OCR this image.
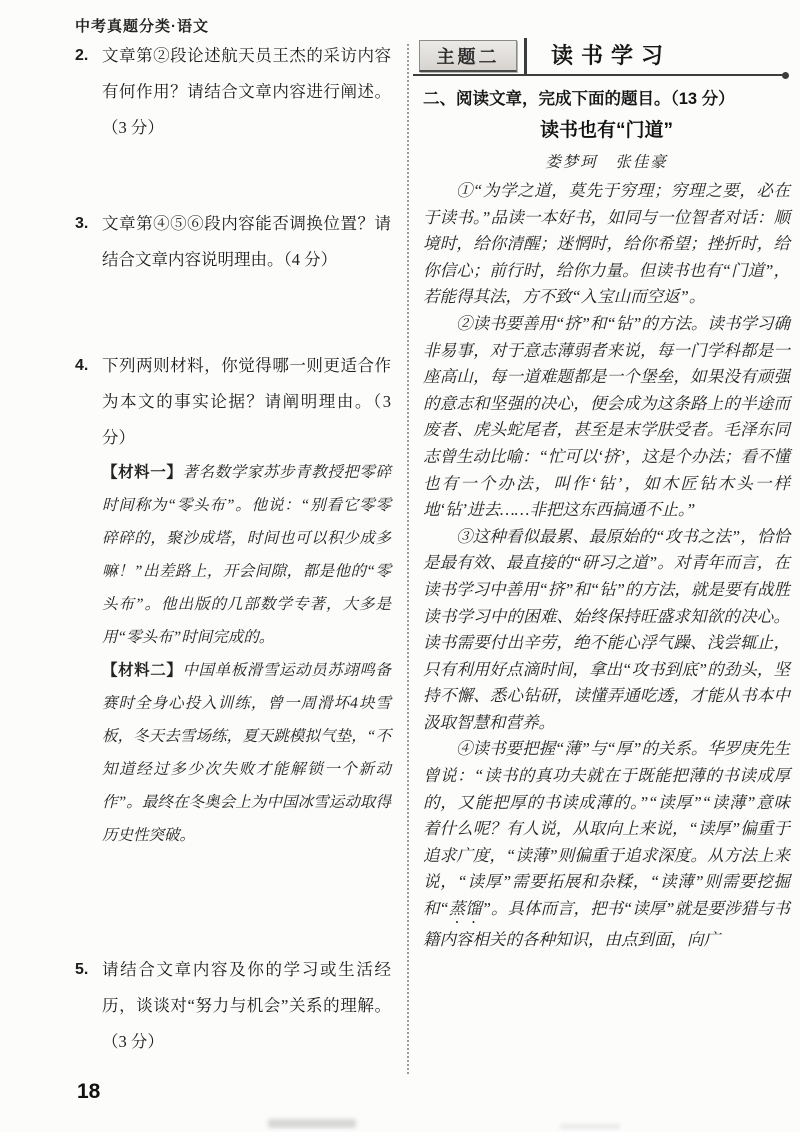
中考真题分类·语文
2. 文章第②段论述航天员王杰的采访内容有何作用？请结合文章内容进行阐述。（3 分）
3. 文章第④⑤⑥段内容能否调换位置？请结合文章内容说明理由。（4 分）
4. 下列两则材料，你觉得哪一则更适合作为本文的事实论据？请阐明理由。（3 分）

【材料一】著名数学家苏步青教授把零碎时间称为“零头布”。他说：“别看它零零碎碎的，聚沙成塔，时间也可以积少成多嘛！”出差路上，开会间隙，都是他的“零头布”。他出版的几部数学专著，大多是用“零头布”时间完成的。

【材料二】中国单板滑雪运动员苏翊鸣备赛时全身心投入训练，曾一周滑坏4块雪板，冬天去雪场练，夏天跳模拟气垫，“不知道经过多少次失败才能解锁一个新动作”。最终在冬奥会上为中国冰雪运动取得历史性突破。

5. 请结合文章内容及你的学习或生活经历，谈谈对“努力与机会”关系的理解。（3 分）
主题二	读书学习
二、阅读文章，完成下面的题目。（13 分）
读书也有“门道”
娄梦珂　张佳豪

①“为学之道，莫先于穷理；穷理之要，必在于读书。”品读一本好书，如同与一位智者对话：顺境时，给你清醒；迷惘时，给你希望；挫折时，给你信心；前行时，给你力量。但读书也有“门道”，若能得其法，方不致“入宝山而空返”。

②读书要善用“挤”和“钻”的方法。读书学习确非易事，对于意志薄弱者来说，每一门学科都是一座高山，每一道难题都是一个堡垒，如果没有顽强的意志和坚强的决心，便会成为这条路上的半途而废者、虎头蛇尾者，甚至是末学肤受者。毛泽东同志曾生动比喻：“忙可以‘挤’，这是个办法；看不懂也有一个办法，叫作‘钻’，如木匠钻木头一样地‘钻’进去……非把这东西搞通不止。”

③这种看似最累、最原始的“攻书之法”，恰恰是最有效、最直接的“研习之道”。对青年而言，在读书学习中善用“挤”和“钻”的方法，就是要有战胜读书学习中的困难、始终保持旺盛求知欲的决心。读书需要付出辛劳，绝不能心浮气躁、浅尝辄止，只有利用好点滴时间，拿出“攻书到底”的劲头，坚持不懈、悉心钻研，读懂弄通吃透，才能从书本中汲取智慧和营养。

④读书要把握“薄”与“厚”的关系。华罗庚先生曾说：“读书的真功夫就在于既能把薄的书读成厚的，又能把厚的书读成薄的。”“读厚”“读薄”意味着什么呢？有人说，从取向上来说，“读厚”偏重于追求广度，“读薄”则偏重于追求深度。从方法上来说，“读厚”需要拓展和杂糅，“读薄”则需要挖掘和“蒸馏”。具体而言，把书“读厚”就是要涉猎与书籍内容相关的各种知识，由点到面，向广

18
